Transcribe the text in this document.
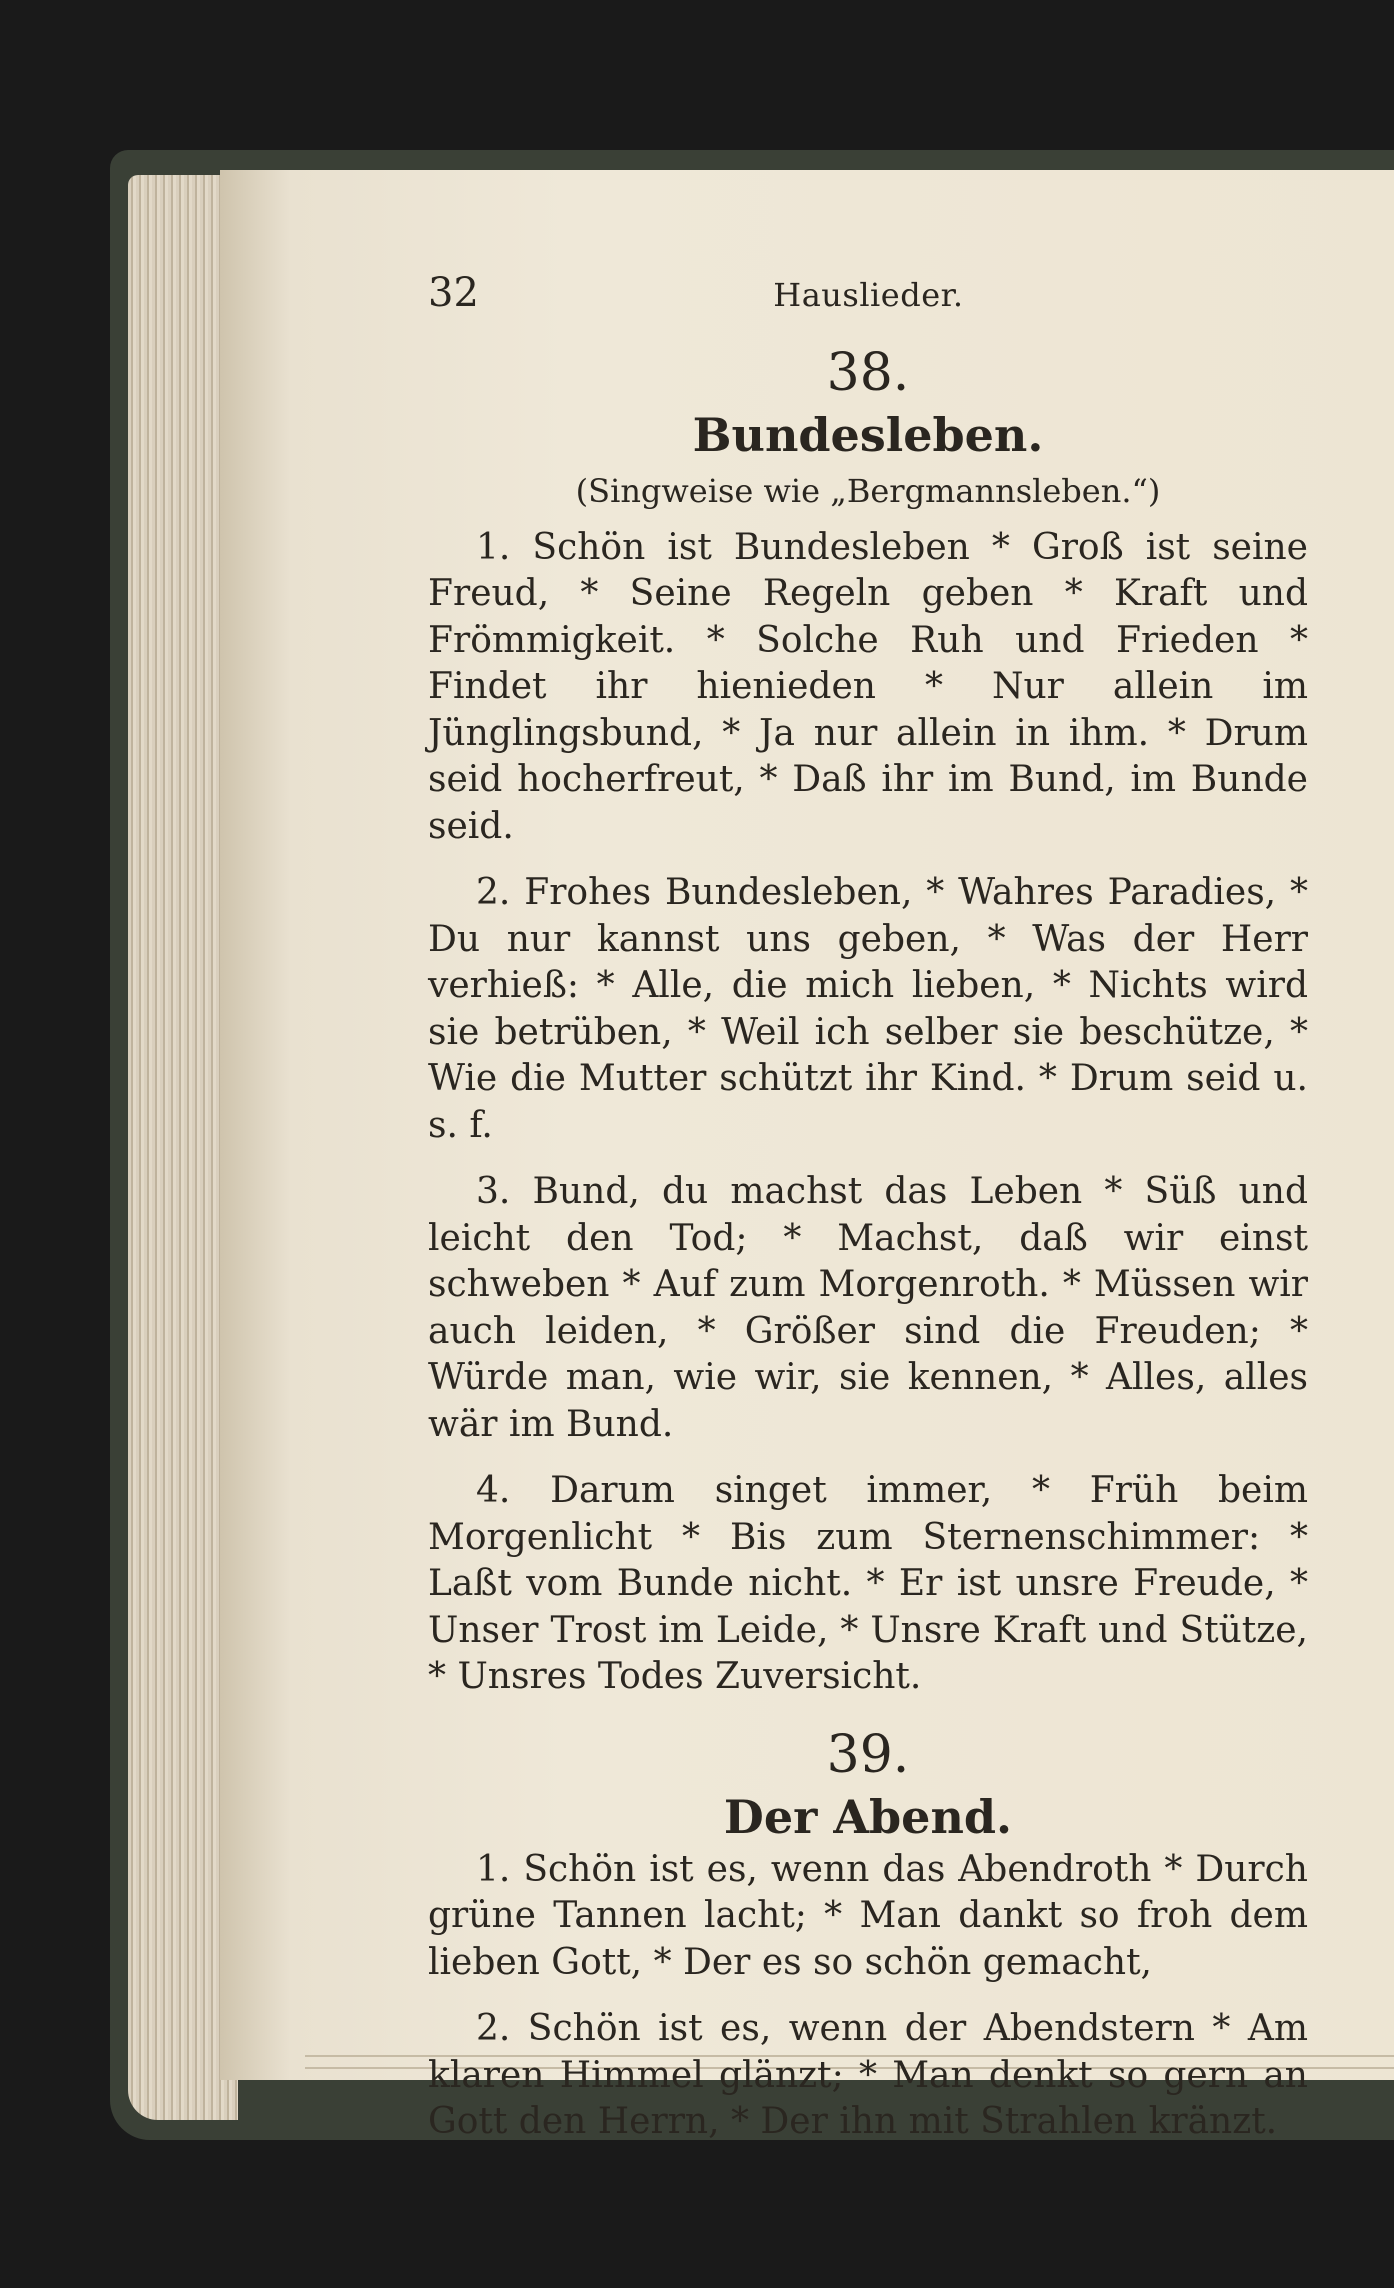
32	Hauslieder.
38.
Bundesleben.
(Singweise wie „Bergmannsleben.“)

1. Schön ist Bundesleben * Groß ist seine Freud, * Seine Regeln geben * Kraft und Frömmigkeit. * Solche Ruh und Frieden * Findet ihr hienieden * Nur allein im Jünglingsbund, * Ja nur allein in ihm. * Drum seid hocherfreut, * Daß ihr im Bund, im Bunde seid.

2. Frohes Bundesleben, * Wahres Paradies, * Du nur kannst uns geben, * Was der Herr verhieß: * Alle, die mich lieben, * Nichts wird sie betrüben, * Weil ich selber sie beschütze, * Wie die Mutter schützt ihr Kind. * Drum seid u. s. f.

3. Bund, du machst das Leben * Süß und leicht den Tod; * Machst, daß wir einst schweben * Auf zum Morgenroth. * Müssen wir auch leiden, * Größer sind die Freuden; * Würde man, wie wir, sie kennen, * Alles, alles wär im Bund.

4. Darum singet immer, * Früh beim Morgenlicht * Bis zum Sternenschimmer: * Laßt vom Bunde nicht. * Er ist unsre Freude, * Unser Trost im Leide, * Unsre Kraft und Stütze, * Unsres Todes Zuversicht.

39.
Der Abend.

1. Schön ist es, wenn das Abendroth * Durch grüne Tannen lacht; * Man dankt so froh dem lieben Gott, * Der es so schön gemacht,

2. Schön ist es, wenn der Abendstern * Am klaren Himmel glänzt; * Man denkt so gern an Gott den Herrn, * Der ihn mit Strahlen kränzt.
